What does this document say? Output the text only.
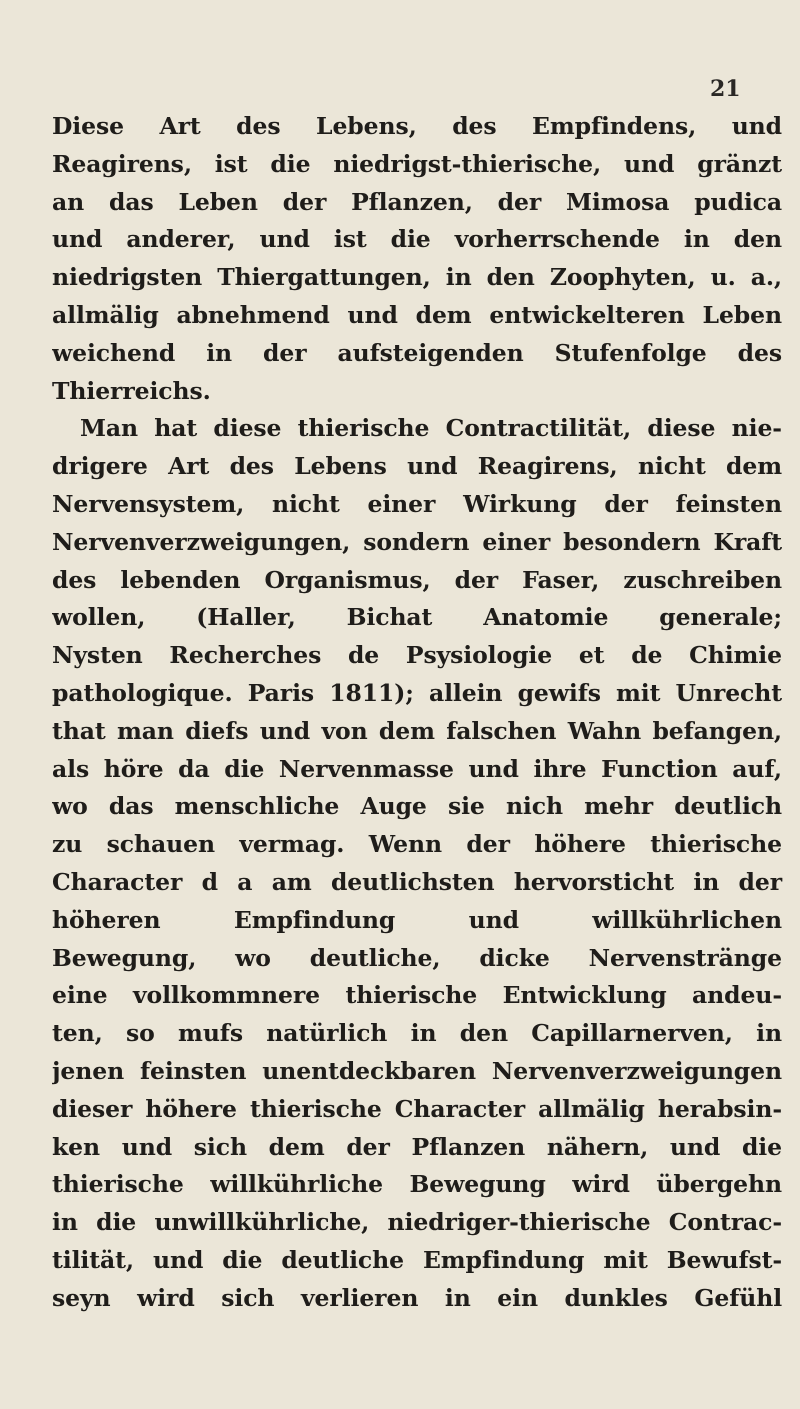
21
Diese Art des Lebens, des Empfindens, und
Reagirens, ist die niedrigst-thierische, und gränzt
an das Leben der Pflanzen, der Mimosa pudica
und anderer, und ist die vorherrschende in den
niedrigsten Thiergattungen, in den Zoophyten, u. a.,
allmälig abnehmend und dem entwickelteren Leben
weichend in der aufsteigenden Stufenfolge des
Thierreichs.
Man hat diese thierische Contractilität, diese nie-
drigere Art des Lebens und Reagirens, nicht dem
Nervensystem, nicht einer Wirkung der feinsten
Nervenverzweigungen, sondern einer besondern Kraft
des lebenden Organismus, der Faser, zuschreiben
wollen, (Haller, Bichat Anatomie generale;
Nysten Recherches de Psysiologie et de Chimie
pathologique. Paris 1811); allein gewifs mit Unrecht
that man diefs und von dem falschen Wahn befangen,
als höre da die Nervenmasse und ihre Function auf,
wo das menschliche Auge sie nich mehr deutlich
zu schauen vermag. Wenn der höhere thierische
Character d a am deutlichsten hervorsticht in der
höheren Empfindung und willkührlichen
Bewegung, wo deutliche, dicke Nervenstränge
eine vollkommnere thierische Entwicklung andeu-
ten, so mufs natürlich in den Capillarnerven, in
jenen feinsten unentdeckbaren Nervenverzweigungen
dieser höhere thierische Character allmälig herabsin-
ken und sich dem der Pflanzen nähern, und die
thierische willkührliche Bewegung wird übergehn
in die unwillkührliche, niedriger-thierische Contrac-
tilität, und die deutliche Empfindung mit Bewufst-
seyn wird sich verlieren in ein dunkles Gefühl
